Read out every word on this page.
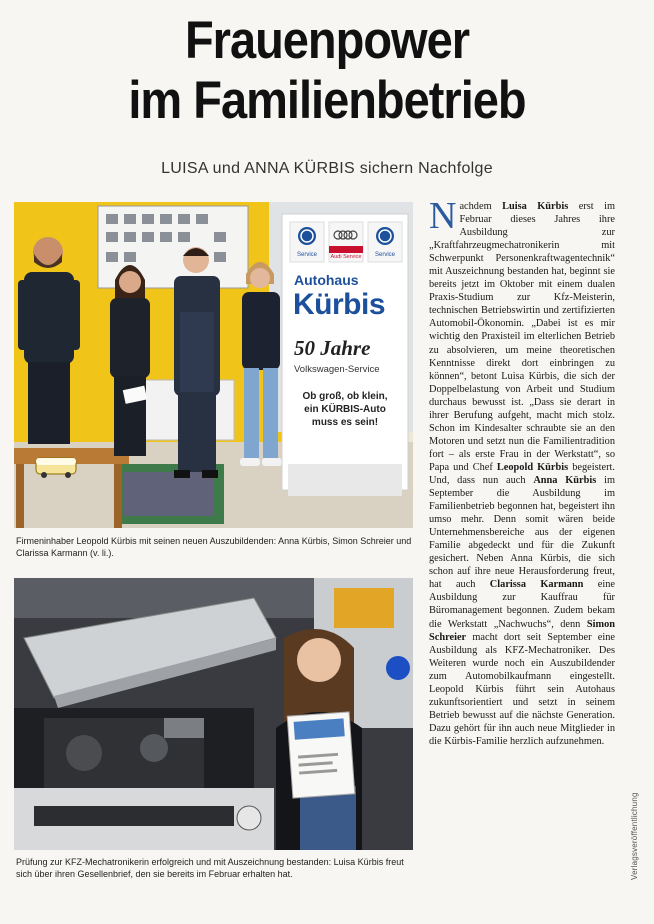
Frauenpower
im Familienbetrieb
LUISA und ANNA KÜRBIS sichern Nachfolge
Service	Audi Service	Service
Autohaus
Kürbis
50 Jahre
Volkswagen-Service
Ob groß, ob klein,
ein KÜRBIS-Auto
muss es sein!
Firmeninhaber Leopold Kürbis mit seinen neuen Auszubildenden: Anna Kürbis, Simon Schreier und Clarissa Karmann (v. li.).
Prüfung zur KFZ-Mechatronikerin erfolgreich und mit Auszeichnung bestanden: Luisa Kürbis freut sich über ihren Gesellenbrief, den sie bereits im Februar erhalten hat.
Nachdem Luisa Kürbis erst im Februar dieses Jahres ihre Ausbildung zur „Kraftfahrzeugmechatronikerin mit Schwerpunkt Personenkraftwagentechnik“ mit Auszeichnung bestanden hat, beginnt sie bereits jetzt im Oktober mit einem dualen Praxis-Studium zur Kfz-Meisterin, technischen Betriebswirtin und zertifizierten Automobil-Ökonomin. „Dabei ist es mir wichtig den Praxisteil im elterlichen Betrieb zu absolvieren, um meine theoretischen Kenntnisse direkt dort einbringen zu können“, betont Luisa Kürbis, die sich der Doppelbelastung von Arbeit und Studium durchaus bewusst ist. „Dass sie derart in ihrer Berufung aufgeht, macht mich stolz. Schon im Kindesalter schraubte sie an den Motoren und setzt nun die Familientradition fort – als erste Frau in der Werkstatt“, so Papa und Chef Leopold Kürbis begeistert. Und, dass nun auch Anna Kürbis im September die Ausbildung im Familienbetrieb begonnen hat, begeistert ihn umso mehr. Denn somit wären beide Unternehmensbereiche aus der eigenen Familie abgedeckt und für die Zukunft gesichert. Neben Anna Kürbis, die sich schon auf ihre neue Herausforderung freut, hat auch Clarissa Karmann eine Ausbildung zur Kauffrau für Büromanagement begonnen. Zudem bekam die Werkstatt „Nachwuchs“, denn Simon Schreier macht dort seit September eine Ausbildung als KFZ-Mechatroniker. Des Weiteren wurde noch ein Auszubildender zum Automobilkaufmann eingestellt. Leopold Kürbis führt sein Autohaus zukunftsorientiert und setzt in seinem Betrieb bewusst auf die nächste Generation. Dazu gehört für ihn auch neue Mitglieder in die Kürbis-Familie herzlich aufzunehmen.
Verlagsveröffentlichung
